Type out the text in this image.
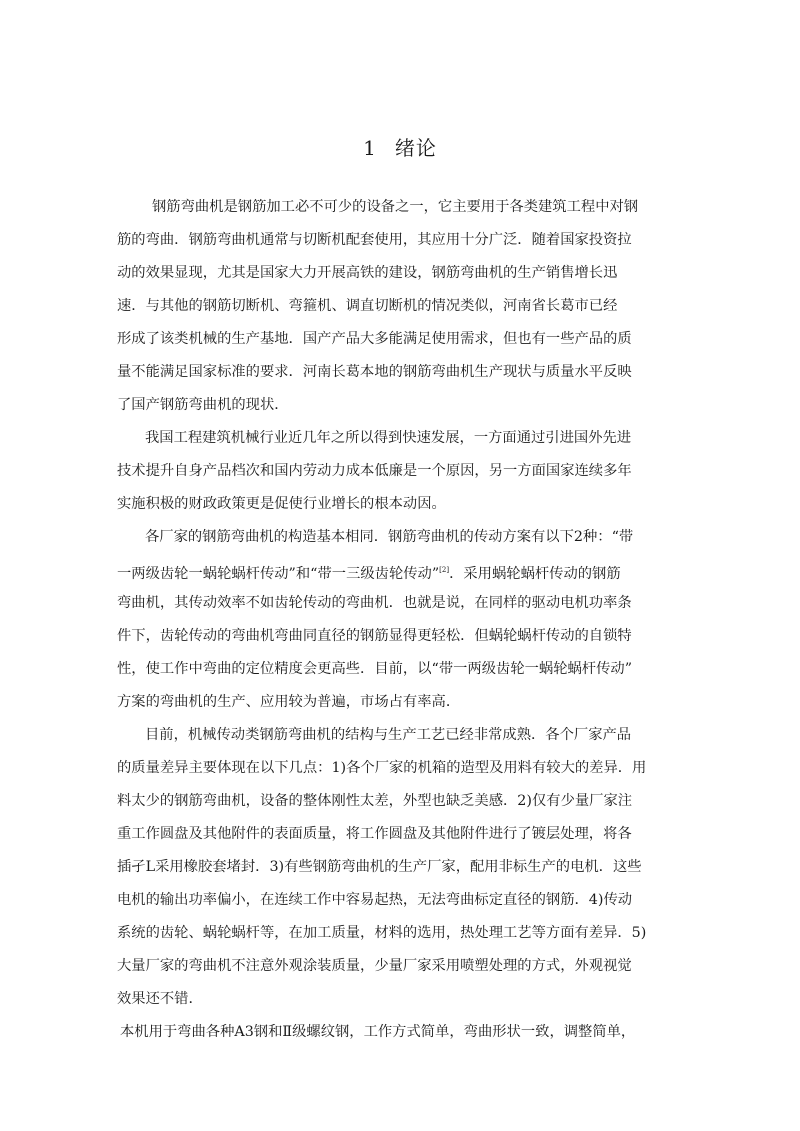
1 绪论
钢筋弯曲机是钢筋加工必不可少的设备之一，它主要用于各类建筑工程中对钢
筋的弯曲．钢筋弯曲机通常与切断机配套使用，其应用十分广泛．随着国家投资拉
动的效果显现，尤其是国家大力开展高铁的建设，钢筋弯曲机的生产销售增长迅
速．与其他的钢筋切断机、弯箍机、调直切断机的情况类似，河南省长葛市已经
形成了该类机械的生产基地．国产产品大多能满足使用需求，但也有一些产品的质
量不能满足国家标准的要求．河南长葛本地的钢筋弯曲机生产现状与质量水平反映
了国产钢筋弯曲机的现状．
我国工程建筑机械行业近几年之所以得到快速发展，一方面通过引进国外先进
技术提升自身产品档次和国内劳动力成本低廉是一个原因，另一方面国家连续多年
实施积极的财政政策更是促使行业增长的根本动因。
各厂家的钢筋弯曲机的构造基本相同．钢筋弯曲机的传动方案有以下2种：“带
一两级齿轮一蜗轮蜗杆传动”和“带一三级齿轮传动”[2]．采用蜗轮蜗杆传动的钢筋
弯曲机，其传动效率不如齿轮传动的弯曲机．也就是说，在同样的驱动电机功率条
件下，齿轮传动的弯曲机弯曲同直径的钢筋显得更轻松．但蜗轮蜗杆传动的自锁特
性，使工作中弯曲的定位精度会更高些．目前，以“带一两级齿轮一蜗轮蜗杆传动”
方案的弯曲机的生产、应用较为普遍，市场占有率高．
目前，机械传动类钢筋弯曲机的结构与生产工艺已经非常成熟．各个厂家产品
的质量差异主要体现在以下几点：1)各个厂家的机箱的造型及用料有较大的差异．用
料太少的钢筋弯曲机，设备的整体刚性太差，外型也缺乏美感．2)仅有少量厂家注
重工作圆盘及其他附件的表面质量，将工作圆盘及其他附件进行了镀层处理，将各
插孑L采用橡胶套堵封．3)有些钢筋弯曲机的生产厂家，配用非标生产的电机．这些
电机的输出功率偏小，在连续工作中容易起热，无法弯曲标定直径的钢筋．4)传动
系统的齿轮、蜗轮蜗杆等，在加工质量，材料的选用，热处理工艺等方面有差异．5)
大量厂家的弯曲机不注意外观涂装质量，少量厂家采用喷塑处理的方式，外观视觉
效果还不错．
本机用于弯曲各种A3钢和Ⅱ级螺纹钢，工作方式简单，弯曲形状一致，调整简单，
